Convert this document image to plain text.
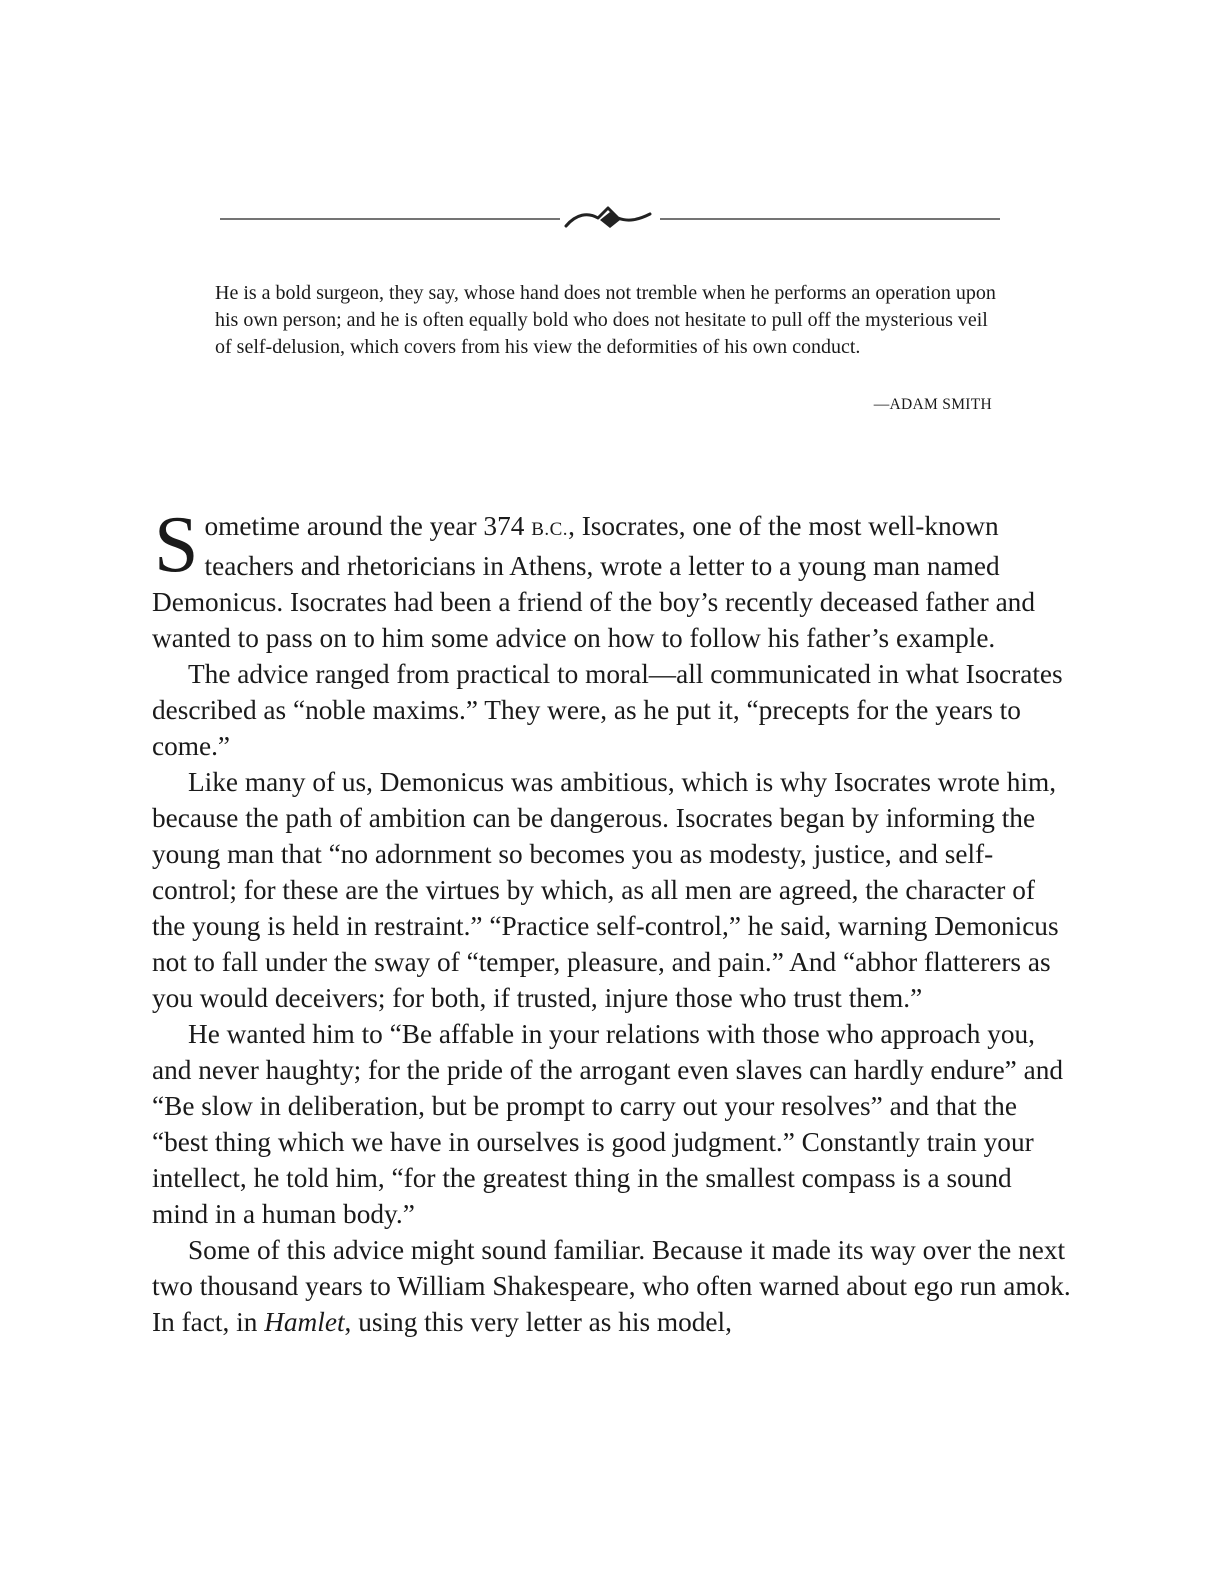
He is a bold surgeon, they say, whose hand does not tremble when he performs an operation upon his own person; and he is often equally bold who does not hesitate to pull off the mysterious veil of self-delusion, which covers from his view the deformities of his own conduct.

—ADAM SMITH

Sometime around the year 374 B.C., Isocrates, one of the most well-known teachers and rhetoricians in Athens, wrote a letter to a young man named Demonicus. Isocrates had been a friend of the boy’s recently deceased father and wanted to pass on to him some advice on how to follow his father’s example.

The advice ranged from practical to moral—all communicated in what Isocrates described as “noble maxims.” They were, as he put it, “precepts for the years to come.”

Like many of us, Demonicus was ambitious, which is why Isocrates wrote him, because the path of ambition can be dangerous. Isocrates began by informing the young man that “no adornment so becomes you as modesty, justice, and self-control; for these are the virtues by which, as all men are agreed, the character of the young is held in restraint.” “Practice self-control,” he said, warning Demonicus not to fall under the sway of “temper, pleasure, and pain.” And “abhor flatterers as you would deceivers; for both, if trusted, injure those who trust them.”

He wanted him to “Be affable in your relations with those who approach you, and never haughty; for the pride of the arrogant even slaves can hardly endure” and “Be slow in deliberation, but be prompt to carry out your resolves” and that the “best thing which we have in ourselves is good judgment.” Constantly train your intellect, he told him, “for the greatest thing in the smallest compass is a sound mind in a human body.”

Some of this advice might sound familiar. Because it made its way over the next two thousand years to William Shakespeare, who often warned about ego run amok. In fact, in Hamlet, using this very letter as his model,
